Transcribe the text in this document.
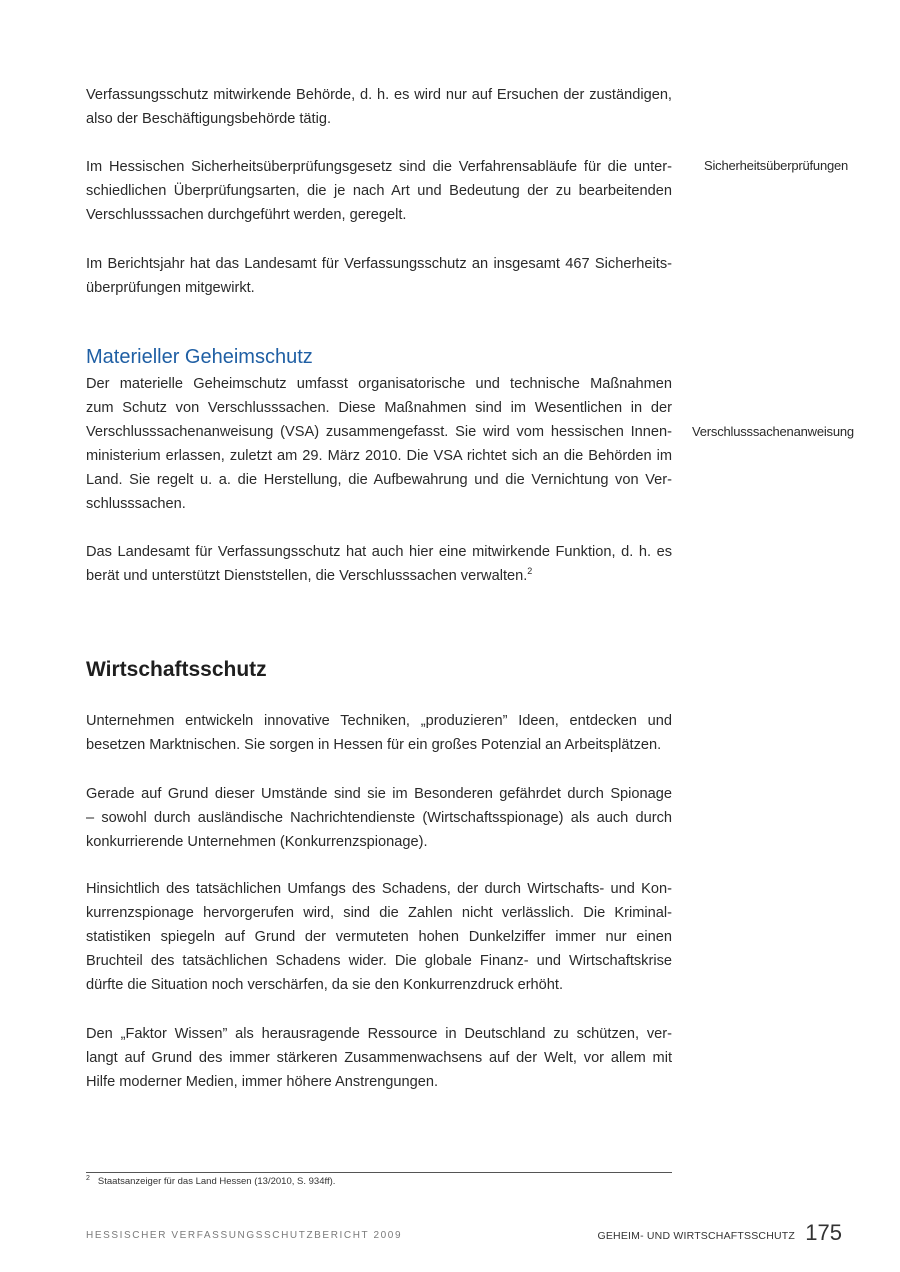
Verfassungsschutz mitwirkende Behörde, d. h. es wird nur auf Ersuchen der zuständigen,
also der Beschäftigungsbehörde tätig.

Im Hessischen Sicherheitsüberprüfungsgesetz sind die Verfahrensabläufe für die unter-
schiedlichen Überprüfungsarten, die je nach Art und Bedeutung der zu bearbeitenden
Verschlusssachen durchgeführt werden, geregelt.

Sicherheitsüberprüfungen

Im Berichtsjahr hat das Landesamt für Verfassungsschutz an insgesamt 467 Sicherheits-
überprüfungen mitgewirkt.

Materieller Geheimschutz

Der materielle Geheimschutz umfasst organisatorische und technische Maßnahmen
zum Schutz von Verschlusssachen. Diese Maßnahmen sind im Wesentlichen in der
Verschlusssachenanweisung (VSA) zusammengefasst. Sie wird vom hessischen Innen-
ministerium erlassen, zuletzt am 29. März 2010. Die VSA richtet sich an die Behörden im
Land. Sie regelt u. a. die Herstellung, die Aufbewahrung und die Vernichtung von Ver-
schlusssachen.

Verschlusssachenanweisung

Das Landesamt für Verfassungsschutz hat auch hier eine mitwirkende Funktion, d. h. es
berät und unterstützt Dienststellen, die Verschlusssachen verwalten.$^2$

Wirtschaftsschutz

Unternehmen entwickeln innovative Techniken, „produzieren” Ideen, entdecken und
besetzen Marktnischen. Sie sorgen in Hessen für ein großes Potenzial an Arbeitsplätzen.

Gerade auf Grund dieser Umstände sind sie im Besonderen gefährdet durch Spionage
– sowohl durch ausländische Nachrichtendienste (Wirtschaftsspionage) als auch durch
konkurrierende Unternehmen (Konkurrenzspionage).

Hinsichtlich des tatsächlichen Umfangs des Schadens, der durch Wirtschafts- und Kon-
kurrenzspionage hervorgerufen wird, sind die Zahlen nicht verlässlich. Die Kriminal-
statistiken spiegeln auf Grund der vermuteten hohen Dunkelziffer immer nur einen
Bruchteil des tatsächlichen Schadens wider. Die globale Finanz- und Wirtschaftskrise
dürfte die Situation noch verschärfen, da sie den Konkurrenzdruck erhöht.

Den „Faktor Wissen” als herausragende Ressource in Deutschland zu schützen, ver-
langt auf Grund des immer stärkeren Zusammenwachsens auf der Welt, vor allem mit
Hilfe moderner Medien, immer höhere Anstrengungen.

$^2$ Staatsanzeiger für das Land Hessen (13/2010, S. 934ff).
HESSISCHER VERFASSUNGSSCHUTZBERICHT 2009	GEHEIM- UND WIRTSCHAFTSSCHUTZ 175
